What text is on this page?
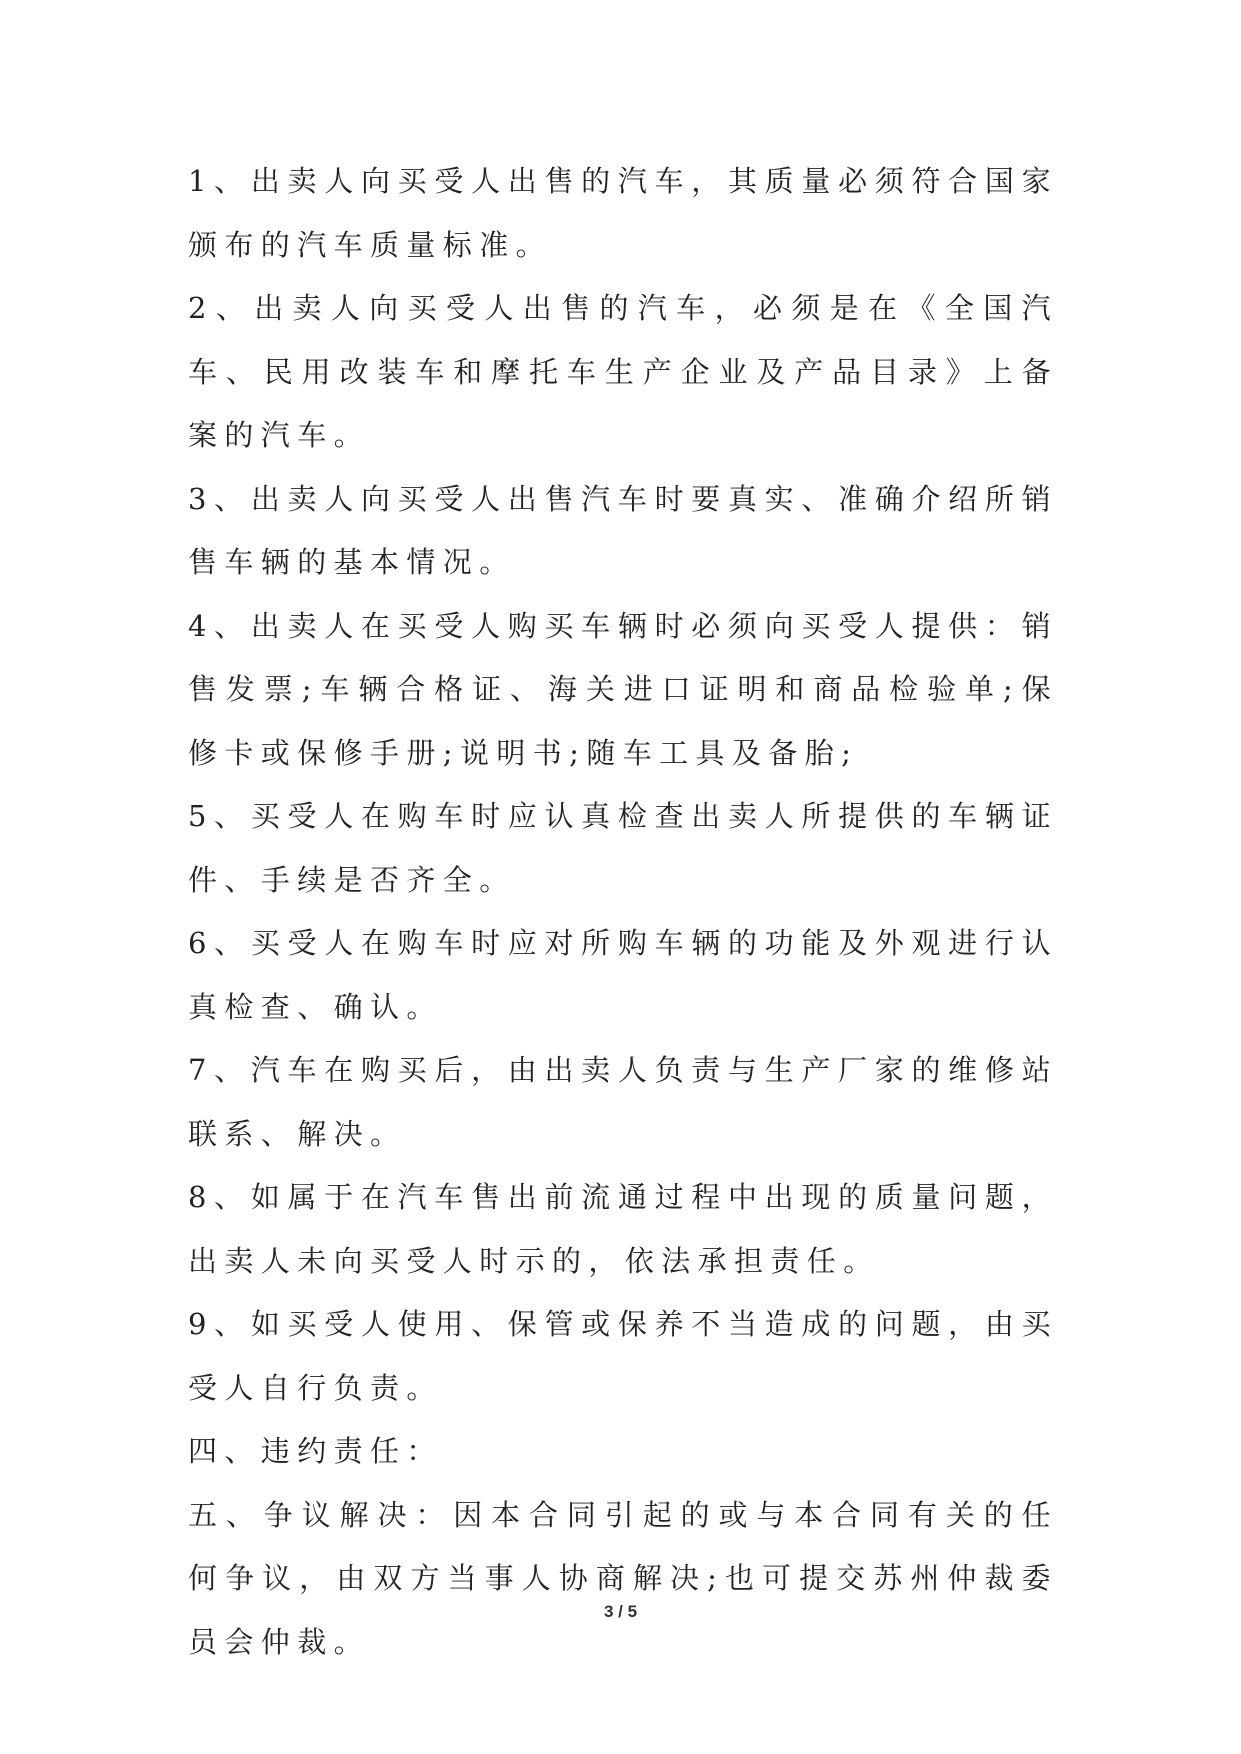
1、出卖人向买受人出售的汽车，其质量必须符合国家颁布的汽车质量标准。

2、出卖人向买受人出售的汽车，必须是在《全国汽车、民用改装车和摩托车生产企业及产品目录》上备案的汽车。

3、出卖人向买受人出售汽车时要真实、准确介绍所销售车辆的基本情况。

4、出卖人在买受人购买车辆时必须向买受人提供：销售发票;车辆合格证、海关进口证明和商品检验单;保修卡或保修手册;说明书;随车工具及备胎;

5、买受人在购车时应认真检查出卖人所提供的车辆证件、手续是否齐全。

6、买受人在购车时应对所购车辆的功能及外观进行认真检查、确认。

7、汽车在购买后，由出卖人负责与生产厂家的维修站联系、解决。

8、如属于在汽车售出前流通过程中出现的质量问题，出卖人未向买受人时示的，依法承担责任。

9、如买受人使用、保管或保养不当造成的问题，由买受人自行负责。

四、违约责任：

五、争议解决：因本合同引起的或与本合同有关的任何争议，由双方当事人协商解决;也可提交苏州仲裁委员会仲裁。

3 / 5
